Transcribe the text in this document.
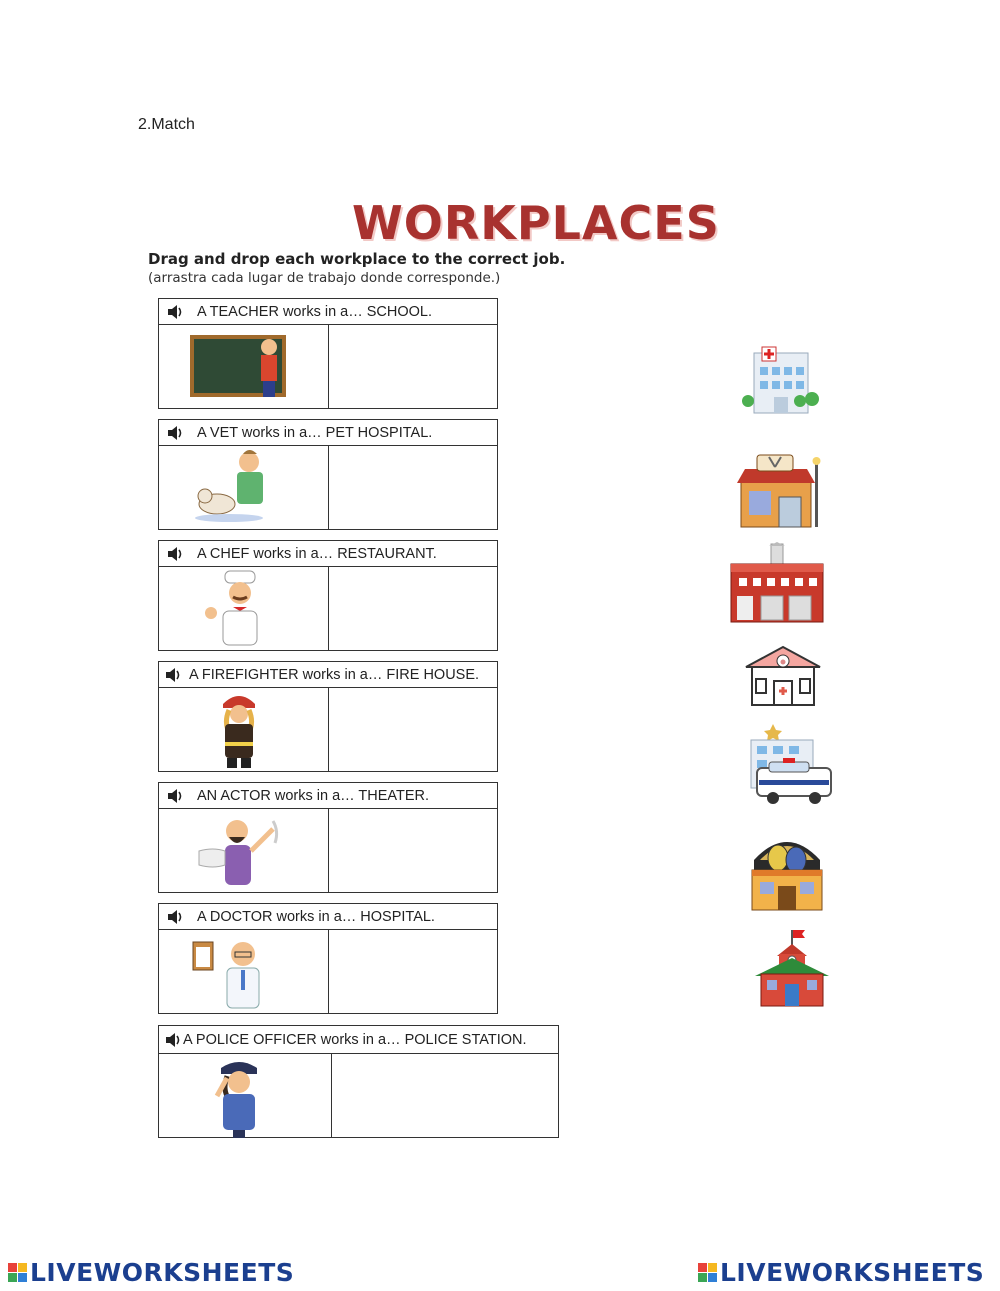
2.Match
WORKPLACES
Drag and drop each workplace to the correct job.
(arrastra cada lugar de trabajo donde corresponde.)
A TEACHER works in a… SCHOOL.
A VET works in a… PET HOSPITAL.
A CHEF works in a… RESTAURANT.
A FIREFIGHTER works in a… FIRE HOUSE.
AN ACTOR works in a… THEATER.
A DOCTOR works in a… HOSPITAL.
A POLICE OFFICER works in a… POLICE STATION.
LIVEWORKSHEETS	LIVEWORKSHEETS
